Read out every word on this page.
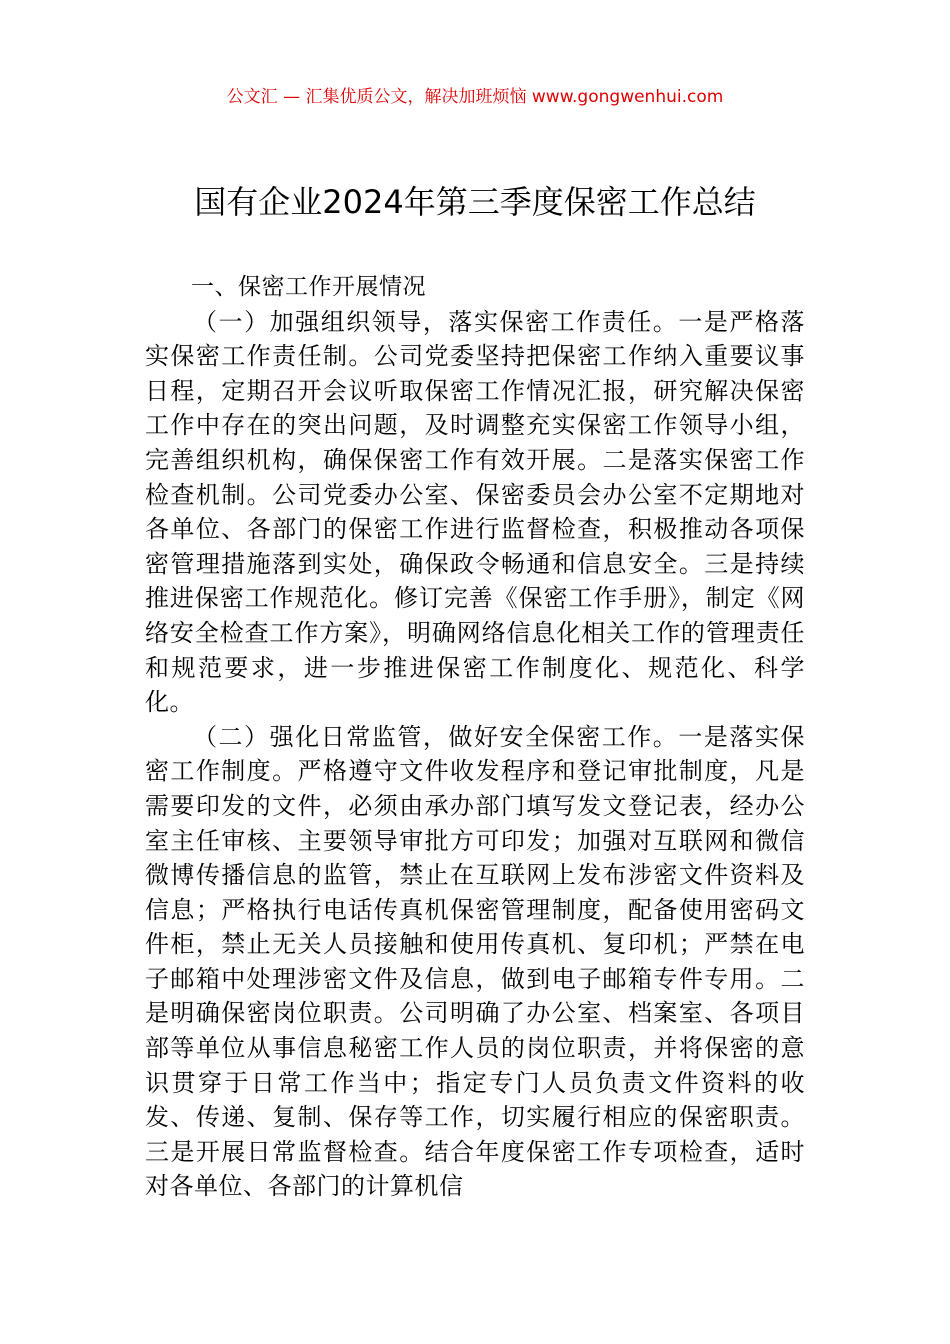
公文汇 — 汇集优质公文，解决加班烦恼 www.gongwenhui.com
国有企业2024年第三季度保密工作总结

一、保密工作开展情况

（一）加强组织领导，落实保密工作责任。一是严格落实保密工作责任制。公司党委坚持把保密工作纳入重要议事日程，定期召开会议听取保密工作情况汇报，研究解决保密工作中存在的突出问题，及时调整充实保密工作领导小组，完善组织机构，确保保密工作有效开展。二是落实保密工作检查机制。公司党委办公室、保密委员会办公室不定期地对各单位、各部门的保密工作进行监督检查，积极推动各项保密管理措施落到实处，确保政令畅通和信息安全。三是持续推进保密工作规范化。修订完善《保密工作手册》，制定《网络安全检查工作方案》，明确网络信息化相关工作的管理责任和规范要求，进一步推进保密工作制度化、规范化、科学化。

（二）强化日常监管，做好安全保密工作。一是落实保密工作制度。严格遵守文件收发程序和登记审批制度，凡是需要印发的文件，必须由承办部门填写发文登记表，经办公室主任审核、主要领导审批方可印发；加强对互联网和微信微博传播信息的监管，禁止在互联网上发布涉密文件资料及信息；严格执行电话传真机保密管理制度，配备使用密码文件柜，禁止无关人员接触和使用传真机、复印机；严禁在电子邮箱中处理涉密文件及信息，做到电子邮箱专件专用。二是明确保密岗位职责。公司明确了办公室、档案室、各项目部等单位从事信息秘密工作人员的岗位职责，并将保密的意识贯穿于日常工作当中；指定专门人员负责文件资料的收发、传递、复制、保存等工作，切实履行相应的保密职责。三是开展日常监督检查。结合年度保密工作专项检查，适时对各单位、各部门的计算机信
